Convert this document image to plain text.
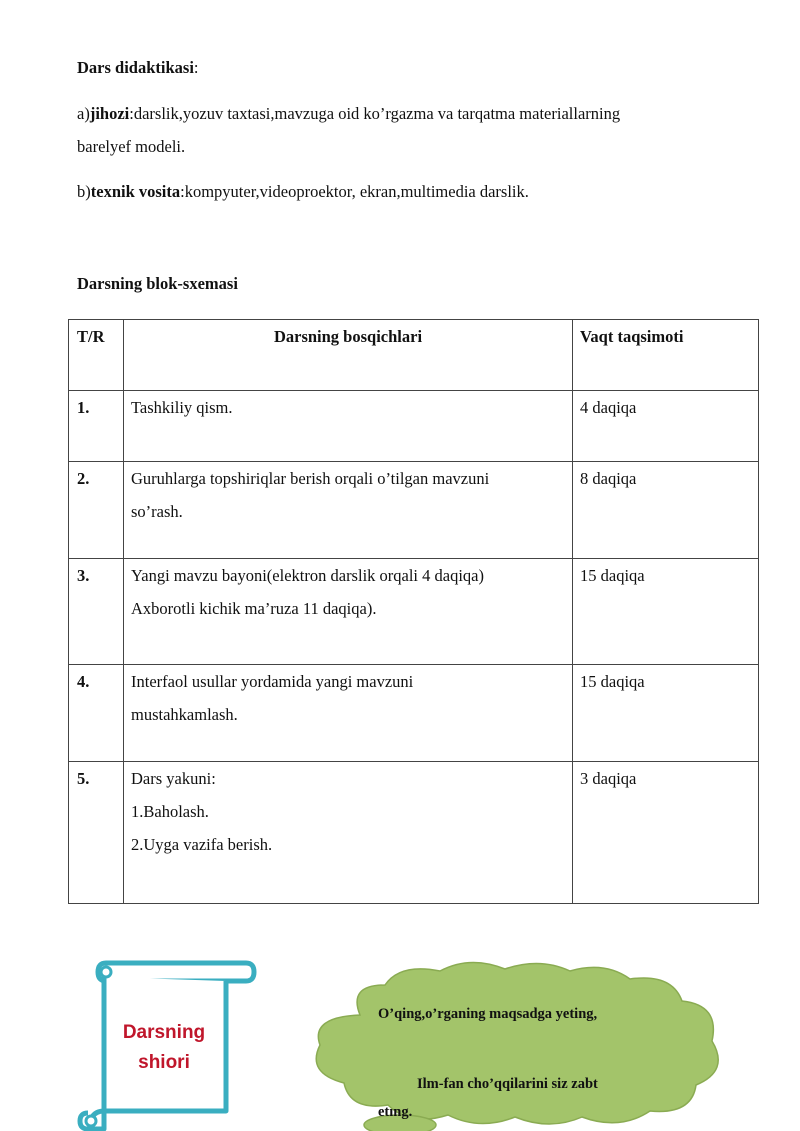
Dars didaktikasi:
a)jihozi:darslik,yozuv taxtasi,mavzuga oid ko’rgazma va tarqatma materiallarning
barelyef modeli.
b)texnik vosita:kompyuter,videoproektor, ekran,multimedia darslik.
Darsning blok-sxemasi
T/R	Darsning bosqichlari	Vaqt taqsimoti
1.	Tashkiliy qism.	4 daqiqa
2.	Guruhlarga topshiriqlar berish orqali o’tilgan mavzuni
so’rash.	8 daqiqa
3.	Yangi mavzu bayoni(elektron darslik orqali 4 daqiqa)
Axborotli kichik ma’ruza 11 daqiqa).	15 daqiqa
4.	Interfaol usullar yordamida yangi mavzuni
mustahkamlash.	15 daqiqa
5.	Dars yakuni:
1.Baholash.
2.Uyga vazifa berish.	3 daqiqa
Darsning
shiori
O’qing,o’rganing maqsadga yeting,
Ilm-fan cho’qqilarini siz zabt
etıng.
